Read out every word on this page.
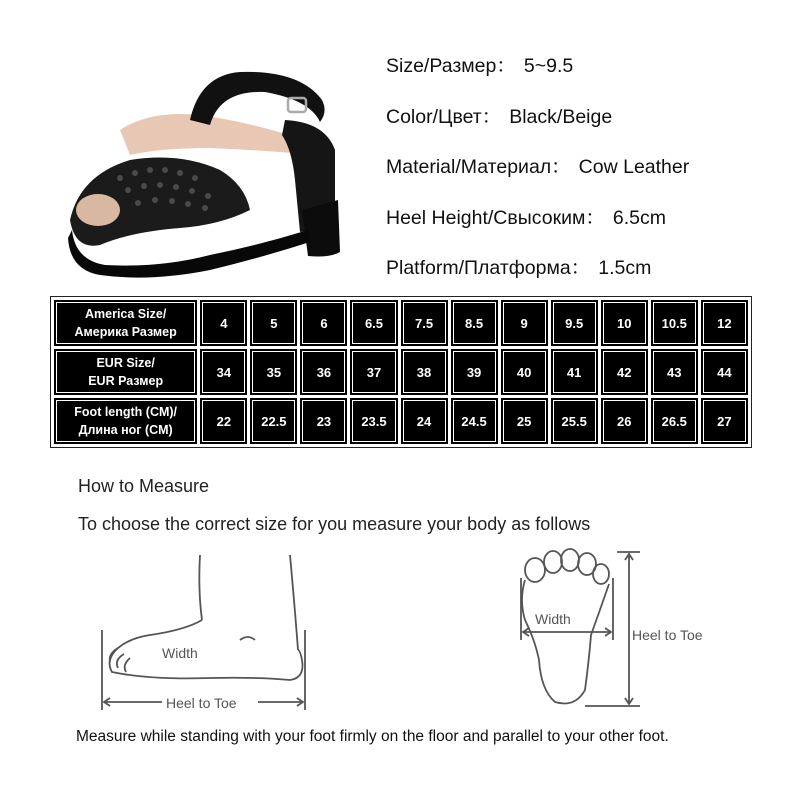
Size/Размер： 5~9.5
Color/Цвет： Black/Beige
Material/Материал： Cow Leather
Heel Height/Свысоким： 6.5cm
Platform/Платформа： 1.5cm
America Size/
Америка Размер	4	5	6	6.5	7.5	8.5	9	9.5	10	10.5	12
EUR Size/
EUR Размер	34	35	36	37	38	39	40	41	42	43	44
Foot length (CM)/
Длина ног (CM)	22	22.5	23	23.5	24	24.5	25	25.5	26	26.5	27
How to Measure
To choose the correct size for you measure your body as follows
Width
Heel to Toe
Width
Heel to Toe
Measure while standing with your foot firmly on the floor and parallel to your other foot.
